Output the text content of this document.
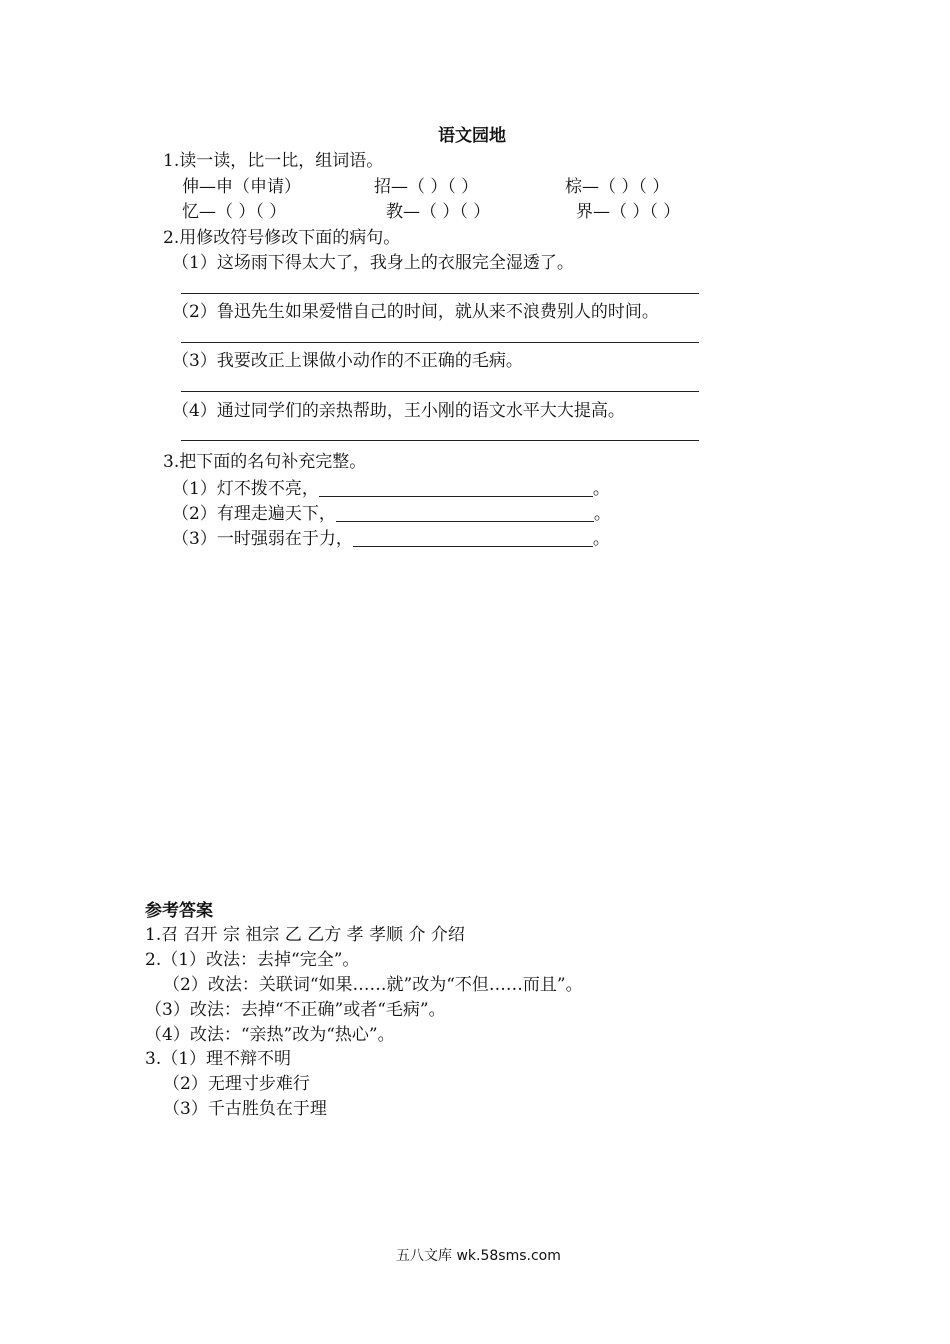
语文园地
1.读一读，比一比，组词语。
伸—申（申请）	招—（ ）（ ）	棕—（ ）（ ）
忆—（ ）（ ）	教—（ ）（ ）	界—（ ）（ ）
2.用修改符号修改下面的病句。
（1）这场雨下得太大了，我身上的衣服完全湿透了。
（2）鲁迅先生如果爱惜自己的时间，就从来不浪费别人的时间。
（3）我要改正上课做小动作的不正确的毛病。
（4）通过同学们的亲热帮助，王小刚的语文水平大大提高。
3.把下面的名句补充完整。
（1）灯不拨不亮，	。
（2）有理走遍天下，	。
（3）一时强弱在于力，	。
参考答案
1.召 召开 宗 祖宗 乙 乙方 孝 孝顺 介 介绍
2.（1）改法：去掉“完全”。
（2）改法：关联词“如果……就”改为“不但……而且”。
（3）改法：去掉“不正确”或者“毛病”。
（4）改法：“亲热”改为“热心”。
3.（1）理不辩不明
（2）无理寸步难行
（3）千古胜负在于理
五八文库 wk.58sms.com
